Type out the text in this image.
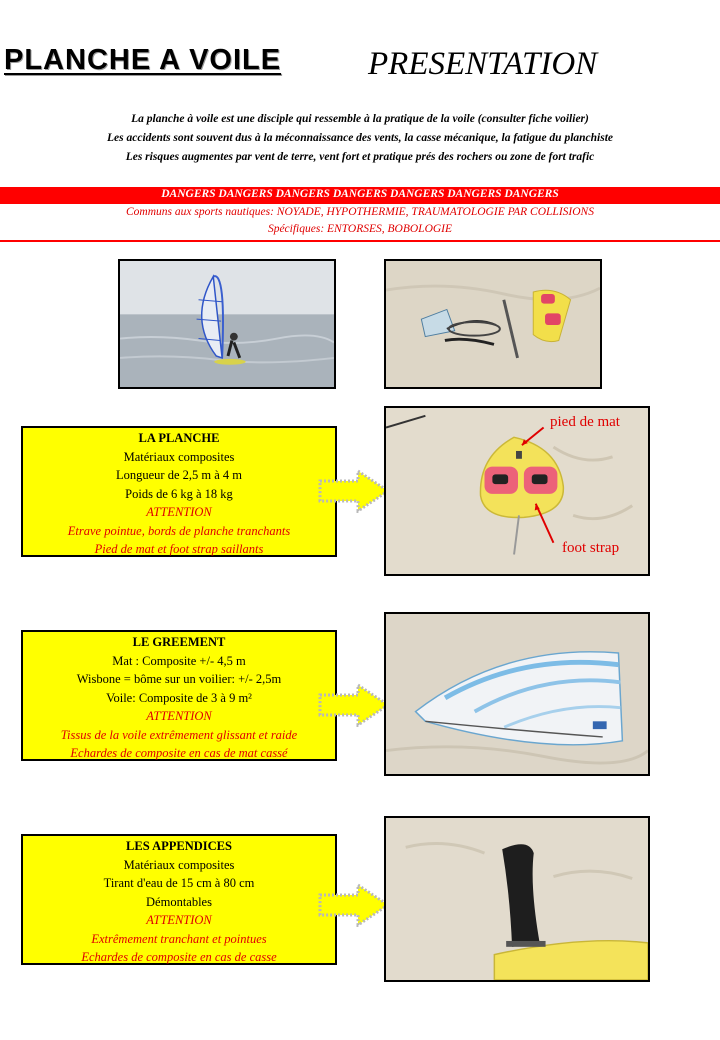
PLANCHE A VOILE	PRESENTATION
La planche à voile est une disciple qui ressemble à la pratique de la voile (consulter fiche voilier)
Les accidents sont souvent dus à la méconnaissance des vents, la casse mécanique, la fatigue du planchiste
Les risques augmentes par vent de terre, vent fort et pratique prés des rochers ou zone de fort trafic
DANGERS DANGERS DANGERS DANGERS DANGERS DANGERS DANGERS
Communs aux sports nautiques: NOYADE, HYPOTHERMIE, TRAUMATOLOGIE PAR COLLISIONS
Spécifiques: ENTORSES, BOBOLOGIE
LA PLANCHE
Matériaux composites
Longueur de 2,5 m à 4 m
Poids de 6 kg à 18 kg
ATTENTION
Etrave pointue, bords de planche tranchants
Pied de mat et foot strap saillants
pied de mat
foot strap
LE GREEMENT
Mat : Composite +/- 4,5 m
Wisbone = bôme sur un voilier: +/- 2,5m
Voile: Composite de 3 à 9 m²
ATTENTION
Tissus de la voile extrêmement glissant et raide
Echardes de composite en cas de mat cassé
LES APPENDICES
Matériaux composites
Tirant d'eau de 15 cm à 80 cm
Démontables
ATTENTION
Extrêmement tranchant et pointues
Echardes de composite en cas de casse
